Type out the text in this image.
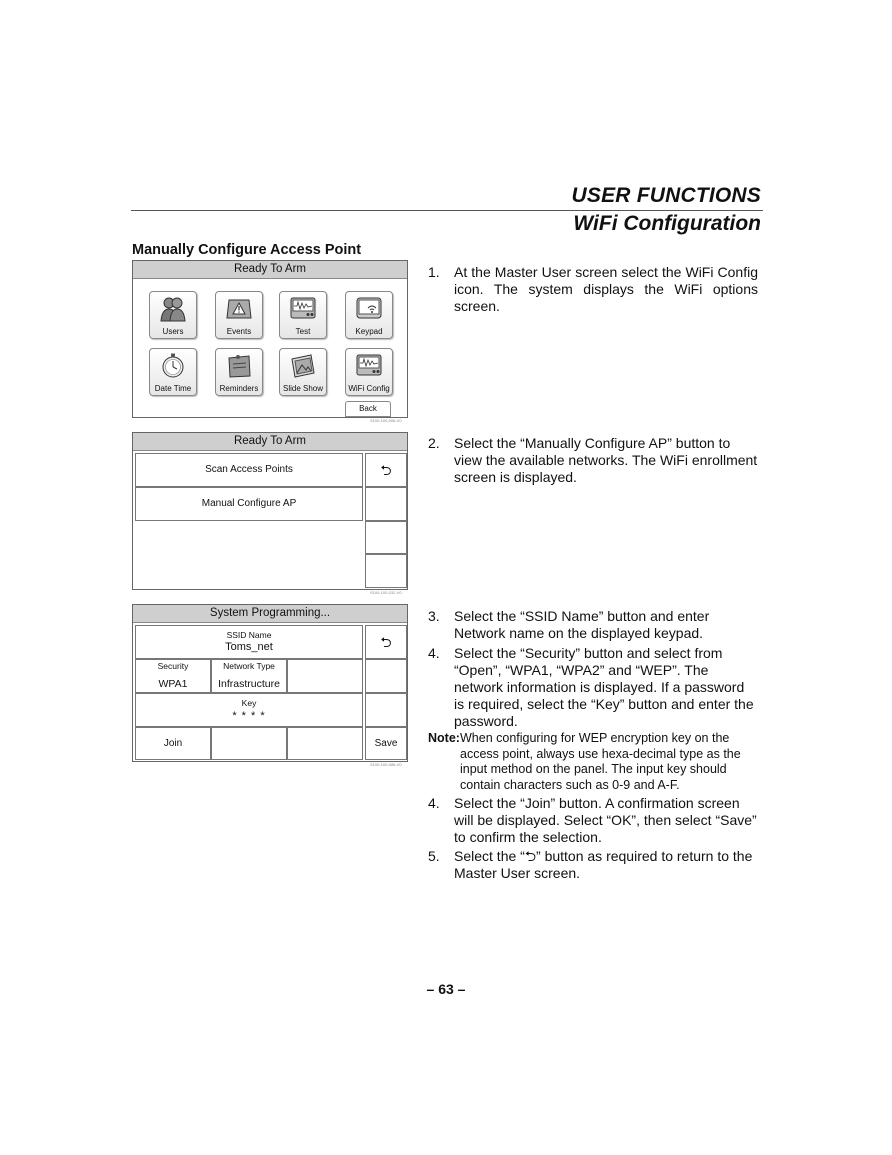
USER FUNCTIONS
WiFi Configuration
Manually Configure Access Point
Ready To Arm
Users	Events	Test	Keypad
Date Time	Reminders	Slide Show	WiFi Config
Back
S100-100-006-V0
Ready To Arm
Scan Access Points	⮌
Manual Configure AP
S100-100-032-V0
System Programming...
SSID Name
Toms_net	⮌
Security
WPA1
Network Type
Infrastructure
Key
* * * *
Join	Save
S100-100-086-V0
1. At the Master User screen select the WiFi Config icon. The system displays the WiFi options screen.
2. Select the “Manually Configure AP” button to view the available networks. The WiFi enrollment screen is displayed.
3. Select the “SSID Name” button and enter Network name on the displayed keypad.
4. Select the “Security” button and select from “Open”, “WPA1, “WPA2” and “WEP”. The network information is displayed. If a password is required, select the “Key” button and enter the password.
Note: When configuring for WEP encryption key on the access point, always use hexa-decimal type as the input method on the panel. The input key should contain characters such as 0-9 and A-F.
4. Select the “Join” button. A confirmation screen will be displayed. Select “OK”, then select “Save” to confirm the selection.
5. Select the “⮌” button as required to return to the Master User screen.
– 63 –
